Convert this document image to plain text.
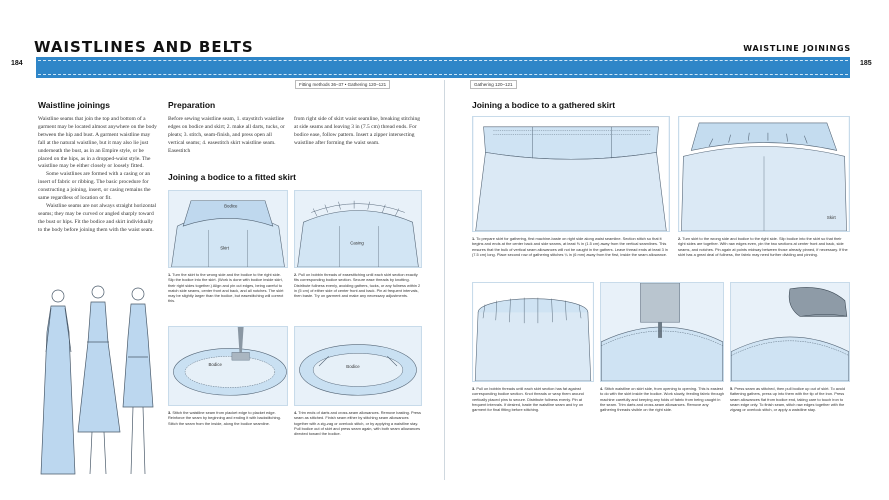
WAISTLINES AND BELTS	WAISTLINE JOININGS
184	185
Fitting methods 36–37 • Gathering 120–121	Gathering 120–121
Waistline joinings

Waistline seams that join the top and bottom of a garment may be located almost anywhere on the body between the hip and bust. A garment waistline may fall at the natural waistline, but it may also lie just underneath the bust, as in an Empire style, or be placed on the hips, as in a dropped-waist style. The waistline may be either closely or loosely fitted.

Some waistlines are formed with a casing or an insert of fabric or ribbing. The basic procedure for constructing a joining, insert, or casing remains the same regardless of location or fit.

Waistline seams are not always straight horizontal seams; they may be curved or angled sharply toward the bust or hips. Fit the bodice and skirt individually to the body before joining them with the waist seam.

Preparation
Before sewing waistline seam, 1. staystitch waistline edges on bodice and skirt; 2. make all darts, tucks, or pleats; 3. stitch, seam-finish, and press open all vertical seams; 4. easestitch skirt waistline seam. Easestitch
from right side of skirt waist seamline, breaking stitching at side seams and leaving 3 in (7.5 cm) thread ends. For bodice ease, follow pattern. Insert a zipper intersecting waistline after forming the waist seam.
Joining a bodice to a fitted skirt
Bodice
Skirt
Casing
1. Turn the skirt to the wrong side and the bodice to the right side. Slip the bodice into the skirt. (Work is done with bodice inside skirt, their right sides together.) Align and pin cut edges, being careful to match side seams, center front and back, and all notches. The skirt may be slightly larger than the bodice, but easestitching will correct this.
2. Pull on bobbin threads of easestitching until each skirt section exactly fits corresponding bodice section. Secure ease threads by knotting. Distribute fullness evenly, avoiding gathers, tucks, or any fullness within 2 in (5 cm) of either side of center front and back. Pin at frequent intervals, then baste. Try on garment and make any necessary adjustments.
Bodice	Bodice
3. Stitch the waistline seam from placket edge to placket edge. Reinforce the seam by beginning and ending it with backstitching. Stitch the seam from the inside, along the bodice seamline.
4. Trim ends of darts and cross-seam allowances. Remove basting. Press seam as stitched. Finish seam either by stitching seam allowances together with a zig-zag or overlock stitch, or by applying a waistline stay. Pull bodice out of skirt and press seam again, with both seam allowances directed toward the bodice.
Joining a bodice to a gathered skirt
Skirt
1. To prepare skirt for gathering, first machine-baste on right side along waist seamline. Section stitch so that it begins and ends at the center back and side seams, at least ⅝ in (1.5 cm) away from the vertical seamlines. This ensures that the bulk of vertical seam allowances will not be caught in the gathers. Leave thread ends at least 3 in (7.5 cm) long. Place second row of gathering stitches ¼ in (6 mm) away from the first, inside the seam allowance.
2. Turn skirt to the wrong side and bodice to the right side. Slip bodice into the skirt so that their right sides are together. With raw edges even, pin the two sections at center front and back, side seams, and notches. Pin again at points midway between those already pinned, if necessary. If the skirt has a great deal of fullness, the fabric may need further dividing and pinning.
3. Pull on bobbin threads until each skirt section has fat against corresponding bodice section. Knot threads or wrap them around vertically placed pins to secure. Distribute fullness evenly. Pin at frequent intervals. If desired, baste the waistline seam and try on garment for final fitting before stitching.
4. Stitch waistline on skirt side, from opening to opening. This is easiest to do with the skirt inside the bodice. Work slowly, feeding fabric through machine carefully and keeping any folds of fabric from being caught in the seam. Trim darts and cross-seam allowances. Remove any gathering threads visible on the right side.
5. Press seam as stitched, then pull bodice up out of skirt. To avoid flattening gathers, press up into them with the tip of the iron. Press seam allowances flat from bodice end, taking care to touch iron to seam edge only. To finish seam, stitch raw edges together with the zigzag or overlock stitch, or apply a waistline stay.
